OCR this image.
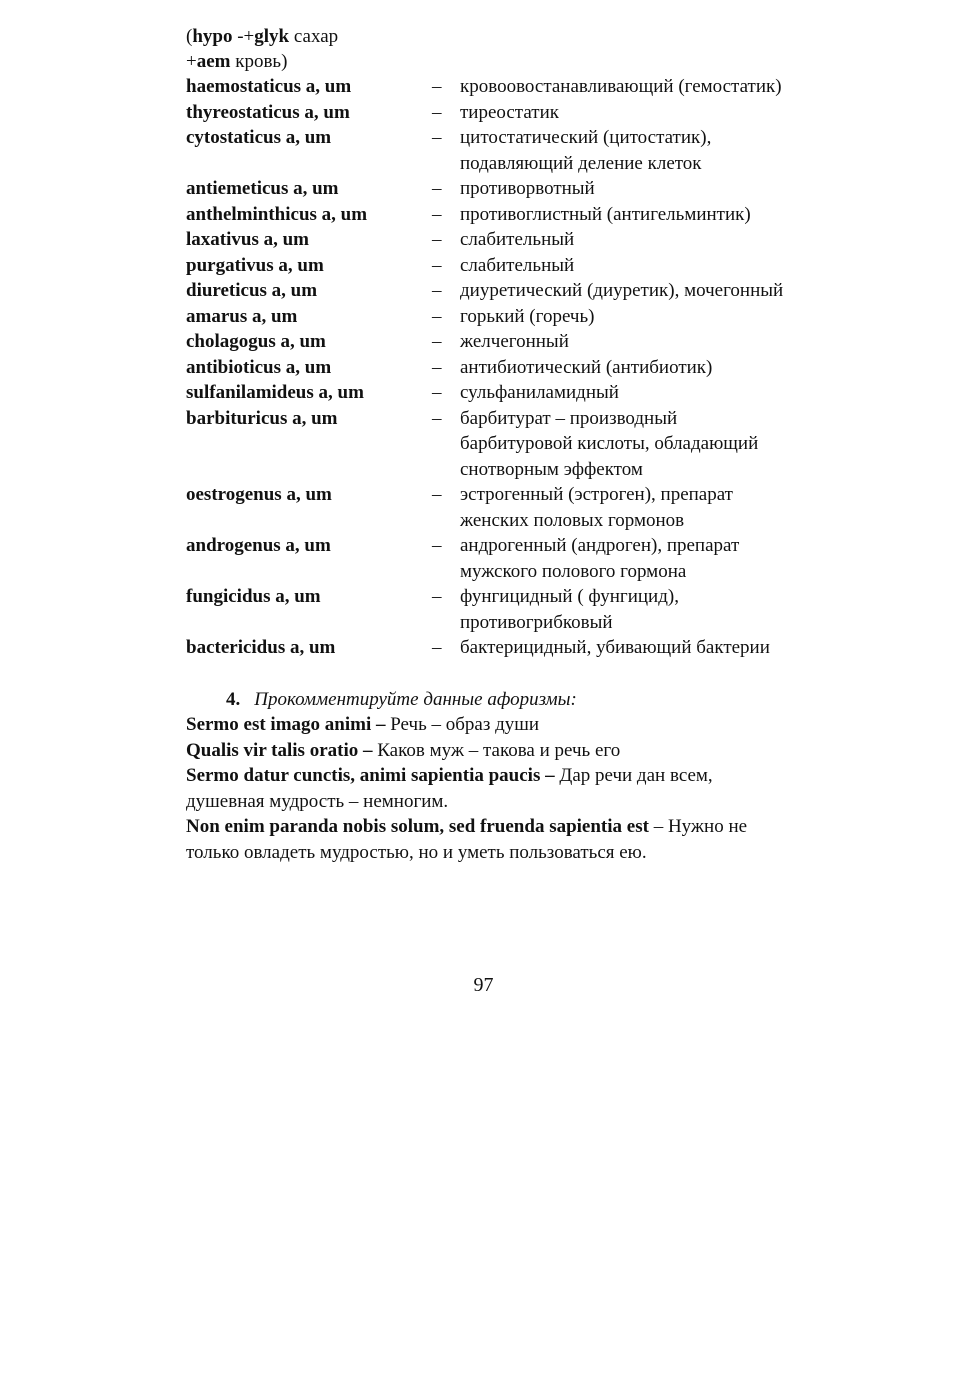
(hypo -+glyk сахар
+aem кровь)
haemostaticus a, um	– кровоовостанавливающий (гемостатик)
thyreostaticus a, um	– тиреостатик
cytostaticus a, um	– цитостатический (цитостатик), подавляющий деление клеток
antiemeticus a, um	– противорвотный
anthelminthicus a, um	– противоглистный (антигельминтик)
laxativus a, um	– слабительный
purgativus a, um	– слабительный
diureticus a, um	– диуретический (диуретик), мочегонный
amarus a, um	– горький (горечь)
cholagogus a, um	– желчегонный
antibioticus a, um	– антибиотический (антибиотик)
sulfanilamideus a, um	– сульфаниламидный
barbituricus a, um	– барбитурат – производный барбитуровой кислоты, обладающий снотворным эффектом
oestrogenus a, um	– эстрогенный (эстроген), препарат женских половых гормонов
androgenus a, um	– андрогенный (андроген), препарат мужского полового гормона
fungicidus a, um	– фунгицидный ( фунгицид), противогрибковый
bactericidus a, um	– бактерицидный, убивающий бактерии
4. Прокомментируйте данные афоризмы:
Sermo est imago animi – Речь – образ души
Qualis vir talis oratio – Каков муж – такова и речь его
Sermo datur cunctis, animi sapientia paucis – Дар речи дан всем, душевная мудрость – немногим.
Non enim paranda nobis solum, sed fruenda sapientia est – Нужно не только овладеть мудростью, но и уметь пользоваться ею.
97
